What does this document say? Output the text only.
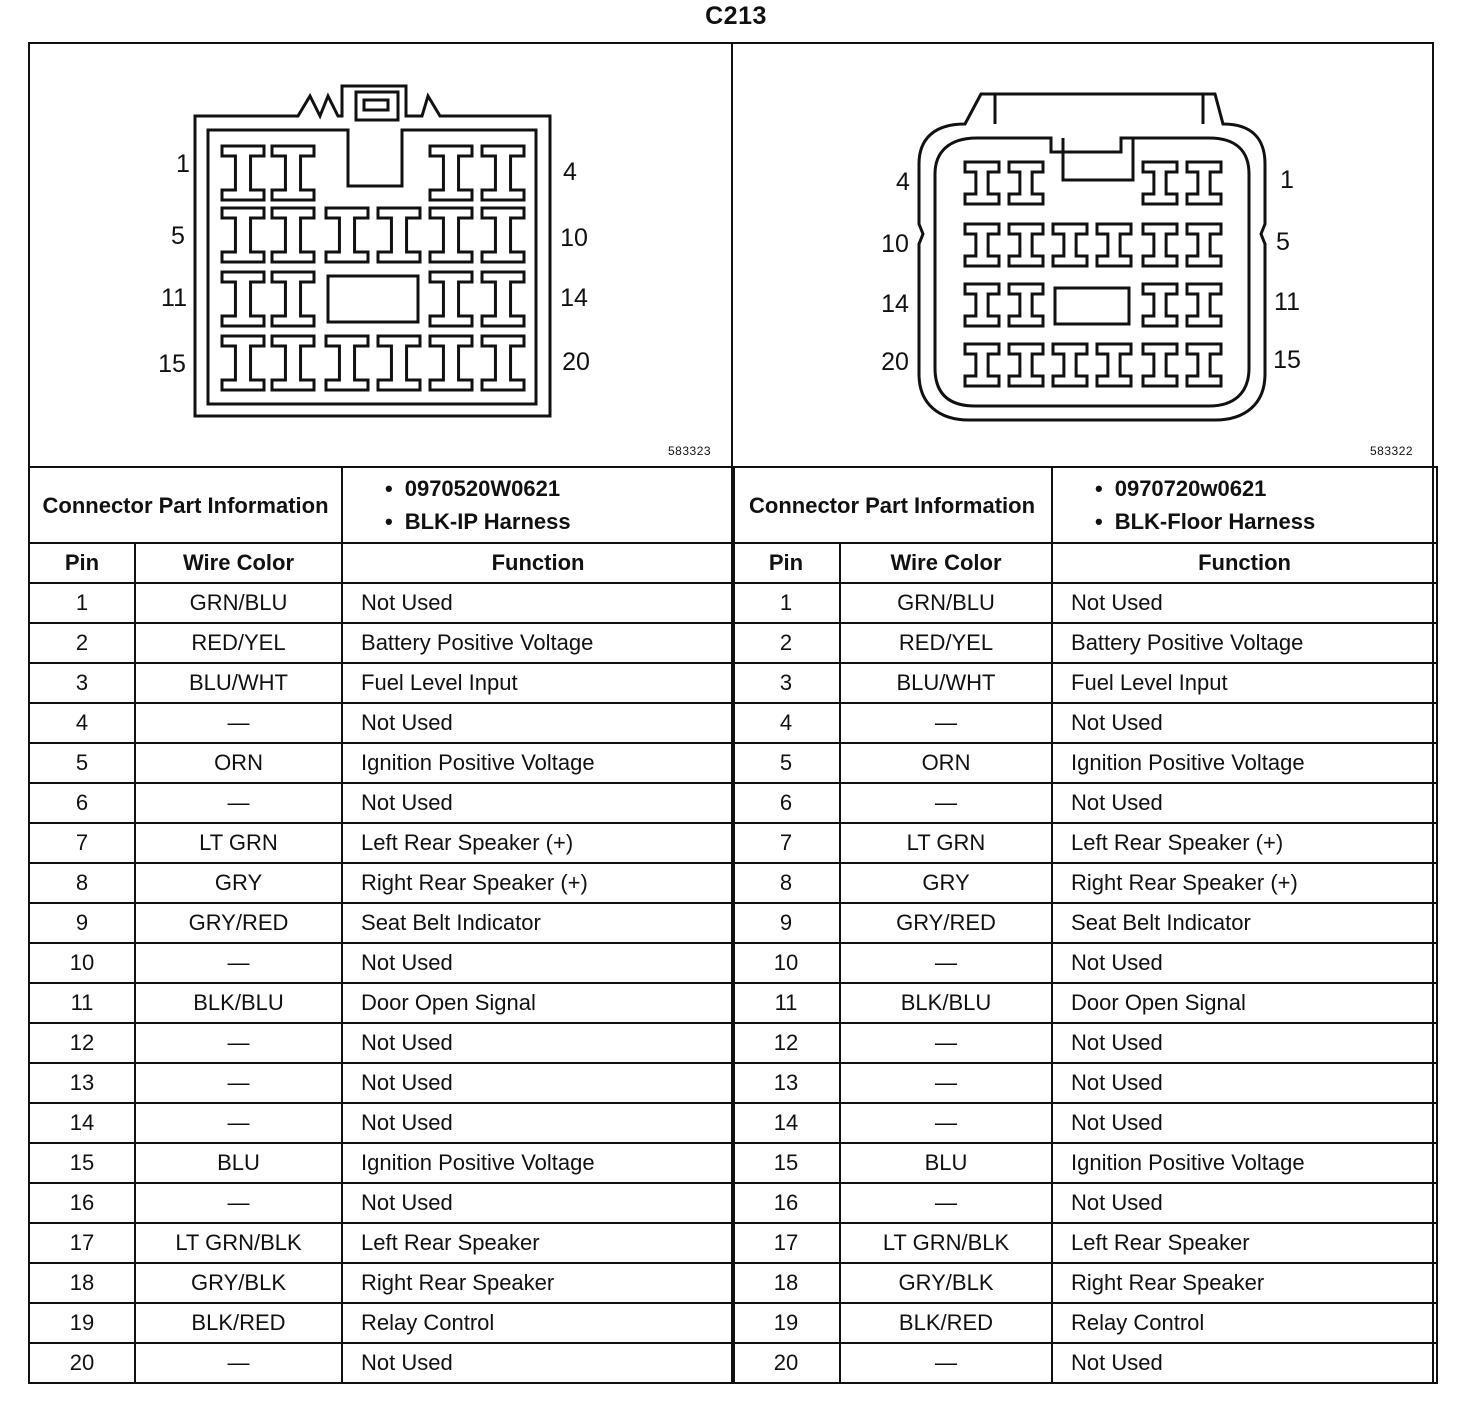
C213
1	4
5	10
11	14
15	20
583323
4	1
10	5
14	11
20	15
583322
Connector Part Information		• 0970520W0621
• BLK-IP Harness

Pin	Wire Color	Function
1	GRN/BLU	Not Used
2	RED/YEL	Battery Positive Voltage
3	BLU/WHT	Fuel Level Input
4	—	Not Used
5	ORN	Ignition Positive Voltage
6	—	Not Used
7	LT GRN	Left Rear Speaker (+)
8	GRY	Right Rear Speaker (+)
9	GRY/RED	Seat Belt Indicator
10	—	Not Used
11	BLK/BLU	Door Open Signal
12	—	Not Used
13	—	Not Used
14	—	Not Used
15	BLU	Ignition Positive Voltage
16	—	Not Used
17	LT GRN/BLK	Left Rear Speaker
18	GRY/BLK	Right Rear Speaker
19	BLK/RED	Relay Control
20	—	Not Used
Connector Part Information		• 0970720w0621
• BLK-Floor Harness

Pin	Wire Color	Function
1	GRN/BLU	Not Used
2	RED/YEL	Battery Positive Voltage
3	BLU/WHT	Fuel Level Input
4	—	Not Used
5	ORN	Ignition Positive Voltage
6	—	Not Used
7	LT GRN	Left Rear Speaker (+)
8	GRY	Right Rear Speaker (+)
9	GRY/RED	Seat Belt Indicator
10	—	Not Used
11	BLK/BLU	Door Open Signal
12	—	Not Used
13	—	Not Used
14	—	Not Used
15	BLU	Ignition Positive Voltage
16	—	Not Used
17	LT GRN/BLK	Left Rear Speaker
18	GRY/BLK	Right Rear Speaker
19	BLK/RED	Relay Control
20	—	Not Used
